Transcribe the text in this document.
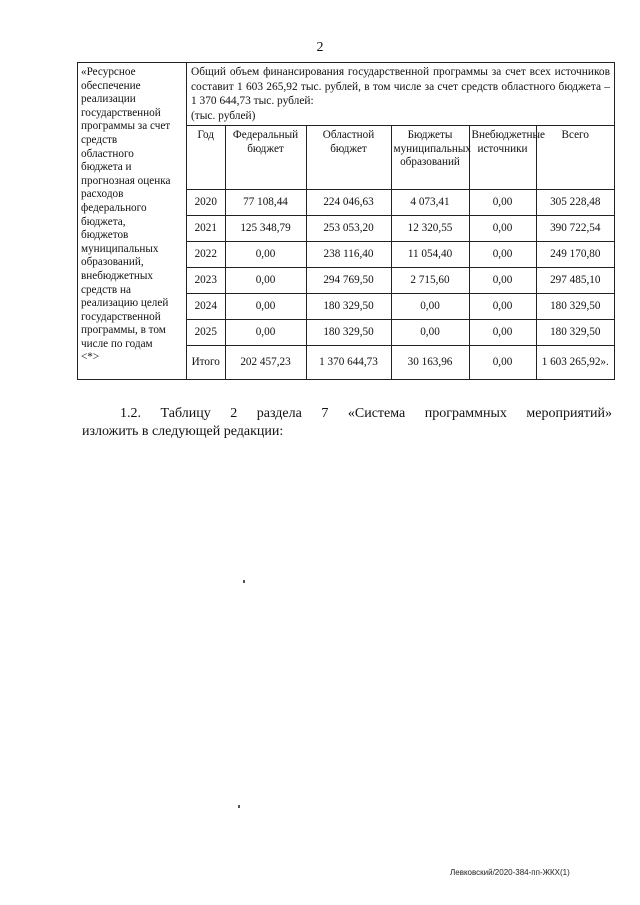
2
«Ресурсное
обеспечение
реализации
государственной
программы за счет
средств
областного
бюджета и
прогнозная оценка
расходов
федерального
бюджета,
бюджетов
муниципальных
образований,
внебюджетных
средств на
реализацию целей
государственной
программы, в том
числе по годам
<*>

Общий объем финансирования государственной программы за счет всех источников составит 1 603 265,92 тыс. рублей, в том числе за счет средств областного бюджета – 1 370 644,73 тыс. рублей:
(тыс. рублей)
Год	Федеральный бюджет	Областной бюджет	Бюджеты муниципальных образований	Внебюджетные источники	Всего
2020	77 108,44	224 046,63	4 073,41	0,00	305 228,48
2021	125 348,79	253 053,20	12 320,55	0,00	390 722,54
2022	0,00	238 116,40	11 054,40	0,00	249 170,80
2023	0,00	294 769,50	2 715,60	0,00	297 485,10
2024	0,00	180 329,50	0,00	0,00	180 329,50
2025	0,00	180 329,50	0,00	0,00	180 329,50
Итого	202 457,23	1 370 644,73	30 163,96	0,00	1 603 265,92».
1.2. Таблицу 2 раздела 7 «Система программных мероприятий»
изложить в следующей редакции:
Левковский/2020-384-пп-ЖКХ(1)
